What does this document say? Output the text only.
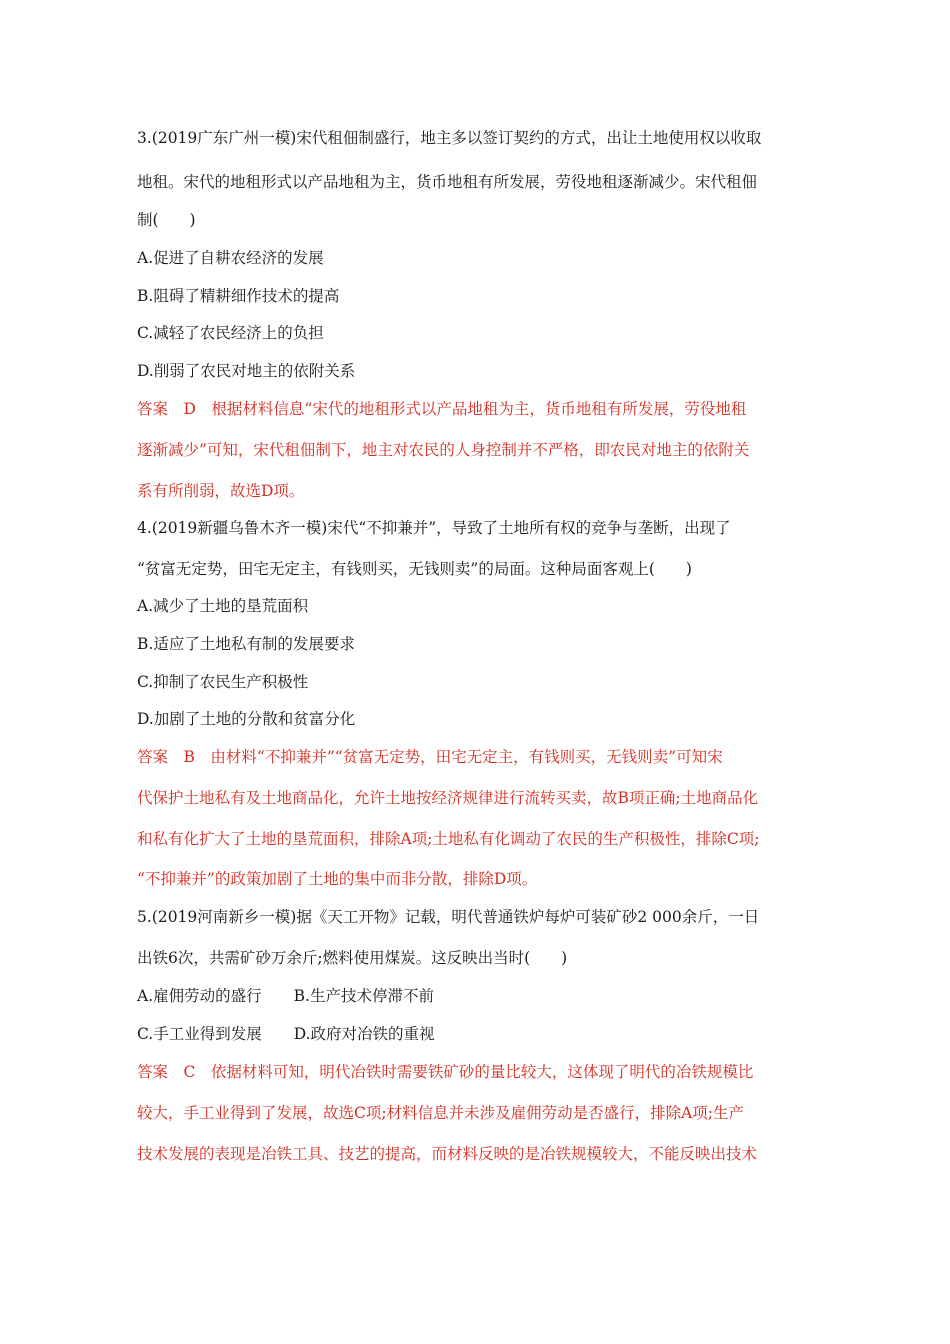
3.(2019广东广州一模)宋代租佃制盛行，地主多以签订契约的方式，出让土地使用权以收取
地租。宋代的地租形式以产品地租为主，货币地租有所发展，劳役地租逐渐减少。宋代租佃
制(　　)
A.促进了自耕农经济的发展
B.阻碍了精耕细作技术的提高
C.减轻了农民经济上的负担
D.削弱了农民对地主的依附关系
答案　D　根据材料信息“宋代的地租形式以产品地租为主，货币地租有所发展，劳役地租
逐渐减少”可知，宋代租佃制下，地主对农民的人身控制并不严格，即农民对地主的依附关
系有所削弱，故选D项。
4.(2019新疆乌鲁木齐一模)宋代“不抑兼并”，导致了土地所有权的竞争与垄断，出现了
“贫富无定势，田宅无定主，有钱则买，无钱则卖”的局面。这种局面客观上(　　)
A.减少了土地的垦荒面积
B.适应了土地私有制的发展要求
C.抑制了农民生产积极性
D.加剧了土地的分散和贫富分化
答案　B　由材料“不抑兼并”“贫富无定势，田宅无定主，有钱则买，无钱则卖”可知宋
代保护土地私有及土地商品化，允许土地按经济规律进行流转买卖，故B项正确;土地商品化
和私有化扩大了土地的垦荒面积，排除A项;土地私有化调动了农民的生产积极性，排除C项;
“不抑兼并”的政策加剧了土地的集中而非分散，排除D项。
5.(2019河南新乡一模)据《天工开物》记载，明代普通铁炉每炉可装矿砂2 000余斤，一日
出铁6次，共需矿砂万余斤;燃料使用煤炭。这反映出当时(　　)
A.雇佣劳动的盛行 B.生产技术停滞不前
C.手工业得到发展 D.政府对冶铁的重视
答案　C　依据材料可知，明代冶铁时需要铁矿砂的量比较大，这体现了明代的冶铁规模比
较大，手工业得到了发展，故选C项;材料信息并未涉及雇佣劳动是否盛行，排除A项;生产
技术发展的表现是冶铁工具、技艺的提高，而材料反映的是冶铁规模较大，不能反映出技术
